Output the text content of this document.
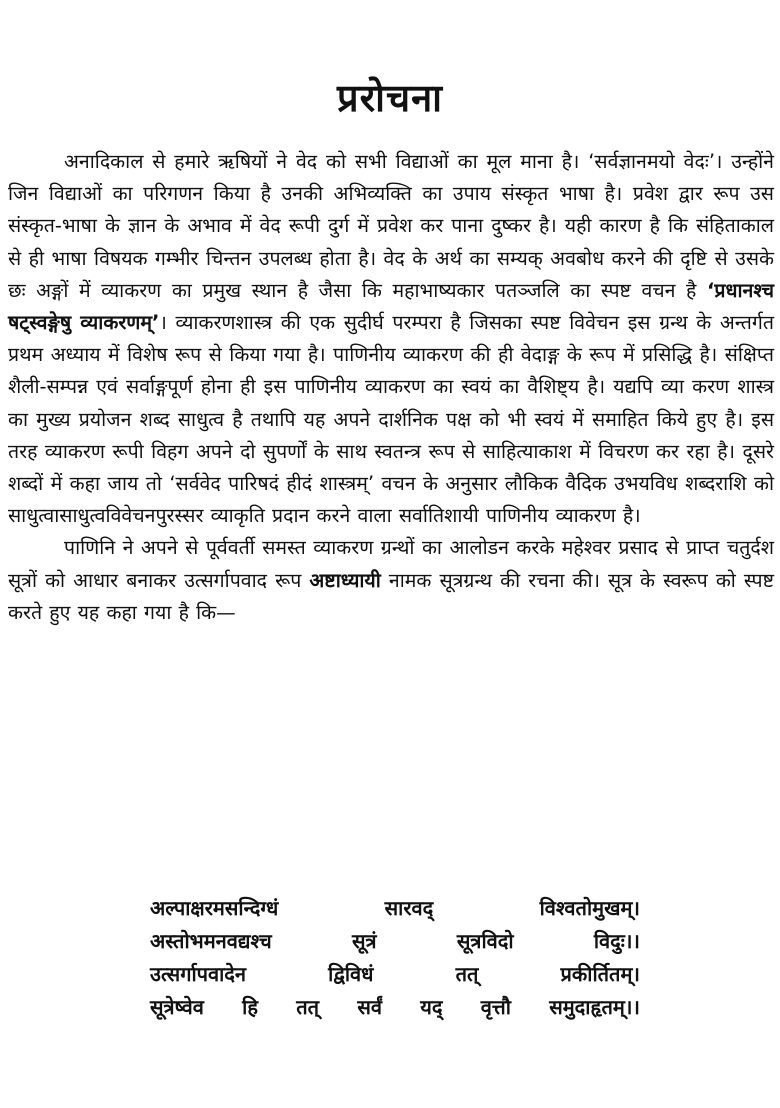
प्ररोचना

अनादिकाल से हमारे ऋषियों ने वेद को सभी विद्याओं का मूल माना है। ‘सर्वज्ञानमयो वेदः’। उन्होंने जिन विद्याओं का परिगणन किया है उनकी अभिव्यक्ति का उपाय संस्कृत भाषा है। प्रवेश द्वार रूप उस संस्कृत-भाषा के ज्ञान के अभाव में वेद रूपी दुर्ग में प्रवेश कर पाना दुष्कर है। यही कारण है कि संहिताकाल से ही भाषा विषयक गम्भीर चिन्तन उपलब्ध होता है। वेद के अर्थ का सम्यक् अवबोध करने की दृष्टि से उसके छः अङ्गों में व्याकरण का प्रमुख स्थान है जैसा कि महाभाष्यकार पतञ्जलि का स्पष्ट वचन है ‘प्रधानश्च षट्स्वङ्गेषु व्याकरणम्’। व्याकरणशास्त्र की एक सुदीर्घ परम्परा है जिसका स्पष्ट विवेचन इस ग्रन्थ के अन्तर्गत प्रथम अध्याय में विशेष रूप से किया गया है। पाणिनीय व्याकरण की ही वेदाङ्ग के रूप में प्रसिद्धि है। संक्षिप्त शैली-सम्पन्न एवं सर्वाङ्गपूर्ण होना ही इस पाणिनीय व्याकरण का स्वयं का वैशिष्ट्य है। यद्यपि व्या करण शास्त्र का मुख्य प्रयोजन शब्द साधुत्व है तथापि यह अपने दार्शनिक पक्ष को भी स्वयं में समाहित किये हुए है। इस तरह व्याकरण रूपी विहग अपने दो सुपर्णों के साथ स्वतन्त्र रूप से साहित्याकाश में विचरण कर रहा है। दूसरे शब्दों में कहा जाय तो ‘सर्ववेद पारिषदं हीदं शास्त्रम्’ वचन के अनुसार लौकिक वैदिक उभयविध शब्दराशि को साधुत्वासाधुत्वविवेचनपुरस्सर व्याकृति प्रदान करने वाला सर्वातिशायी पाणिनीय व्याकरण है।

पाणिनि ने अपने से पूर्ववर्ती समस्त व्याकरण ग्रन्थों का आलोडन करके महेश्वर प्रसाद से प्राप्त चतुर्दश सूत्रों को आधार बनाकर उत्सर्गापवाद रूप अष्टाध्यायी नामक सूत्रग्रन्थ की रचना की। सूत्र के स्वरूप को स्पष्ट करते हुए यह कहा गया है कि—

अल्पाक्षरमसन्दिग्धं सारवद् विश्वतोमुखम्।
अस्तोभमनवद्यश्च सूत्रं सूत्रविदो विदुः।।
उत्सर्गापवादेन द्विविधं तत् प्रकीर्तितम्।
सूत्रेष्वेव हि तत् सर्वं यद् वृत्तौ समुदाहृतम्।।
